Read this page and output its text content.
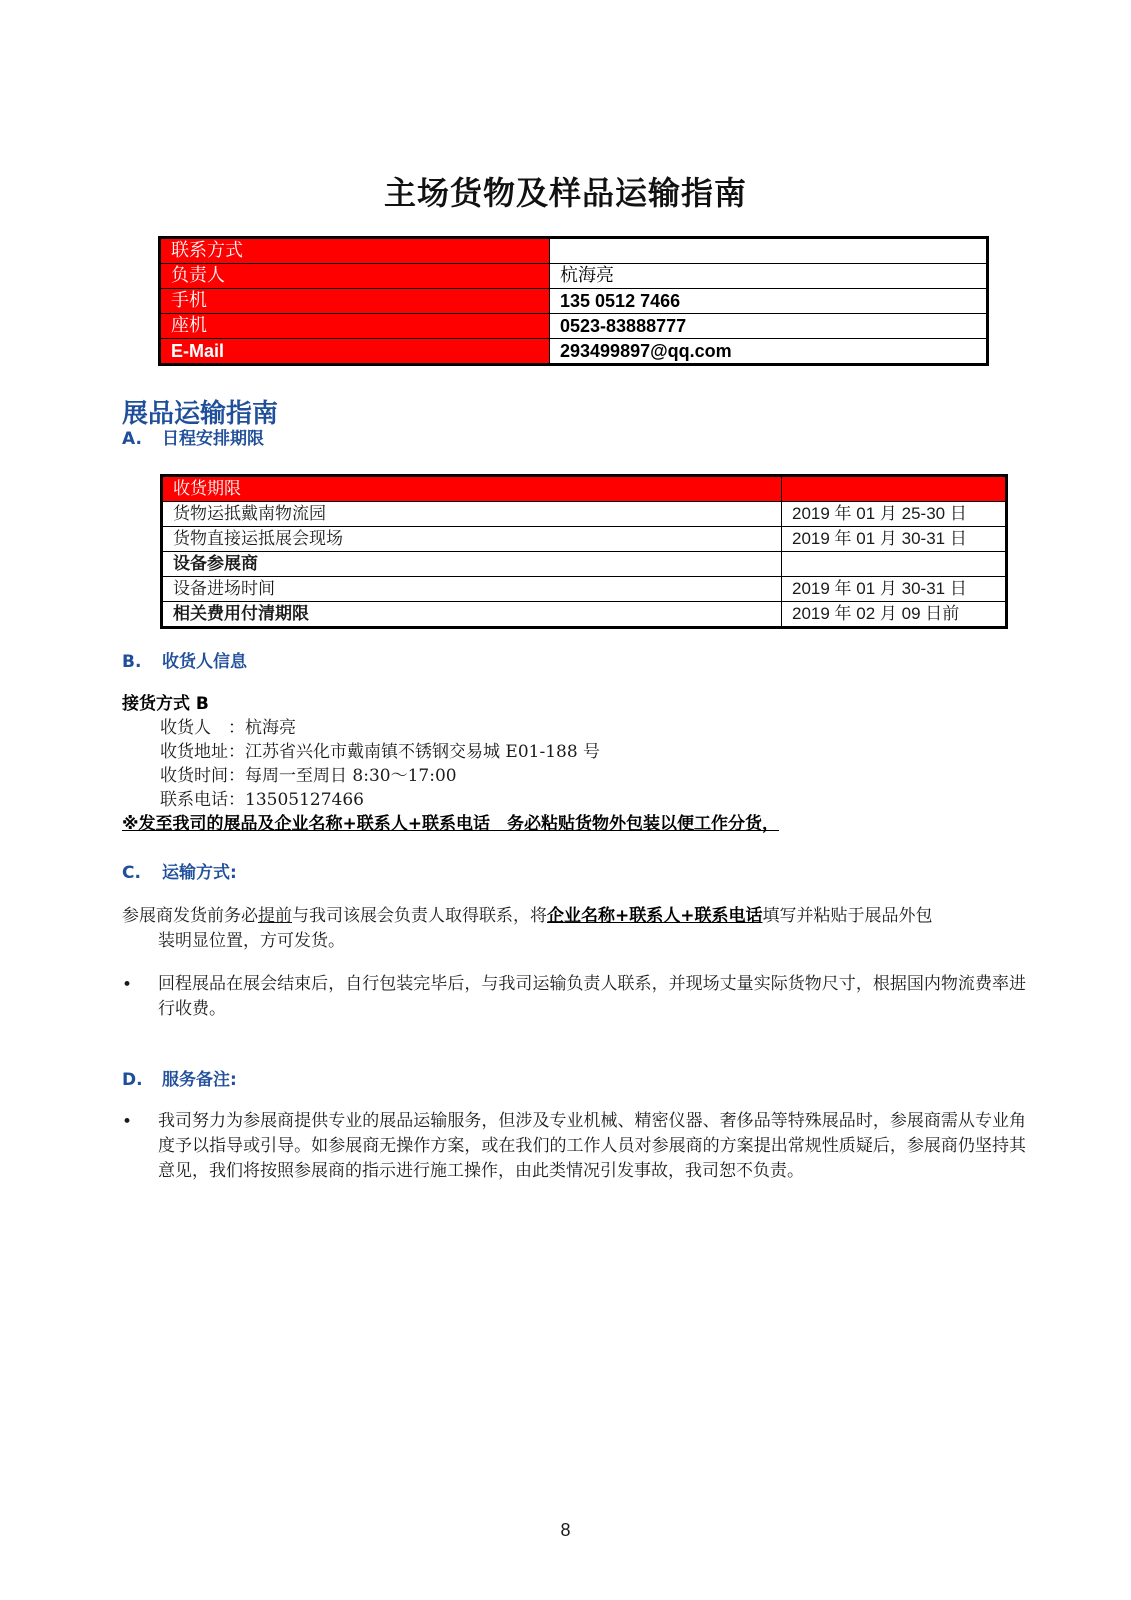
主场货物及样品运输指南
联系方式	
负责人	杭海亮
手机	135 0512 7466
座机	0523-83888777
E-Mail	293499897@qq.com
展品运输指南
A. 日程安排期限
收货期限	
货物运抵戴南物流园	2019 年 01 月 25-30 日
货物直接运抵展会现场	2019 年 01 月 30-31 日
设备参展商	
设备进场时间	2019 年 01 月 30-31 日
相关费用付清期限	2019 年 02 月 09 日前
B. 收货人信息
接货方式 B
收货人　：杭海亮
收货地址：江苏省兴化市戴南镇不锈钢交易城 E01-188 号
收货时间：每周一至周日 8:30～17:00
联系电话：13505127466
※发至我司的展品及企业名称+联系人+联系电话　务必粘贴货物外包装以便工作分货，
C. 运输方式:
参展商发货前务必提前与我司该展会负责人取得联系，将企业名称+联系人+联系电话填写并粘贴于展品外包
装明显位置，方可发货。
• 回程展品在展会结束后，自行包装完毕后，与我司运输负责人联系，并现场丈量实际货物尺寸，根据国内物流费率进行收费。
D. 服务备注:
• 我司努力为参展商提供专业的展品运输服务，但涉及专业机械、精密仪器、奢侈品等特殊展品时，参展商需从专业角度予以指导或引导。如参展商无操作方案，或在我们的工作人员对参展商的方案提出常规性质疑后，参展商仍坚持其意见，我们将按照参展商的指示进行施工操作，由此类情况引发事故，我司恕不负责。
8
